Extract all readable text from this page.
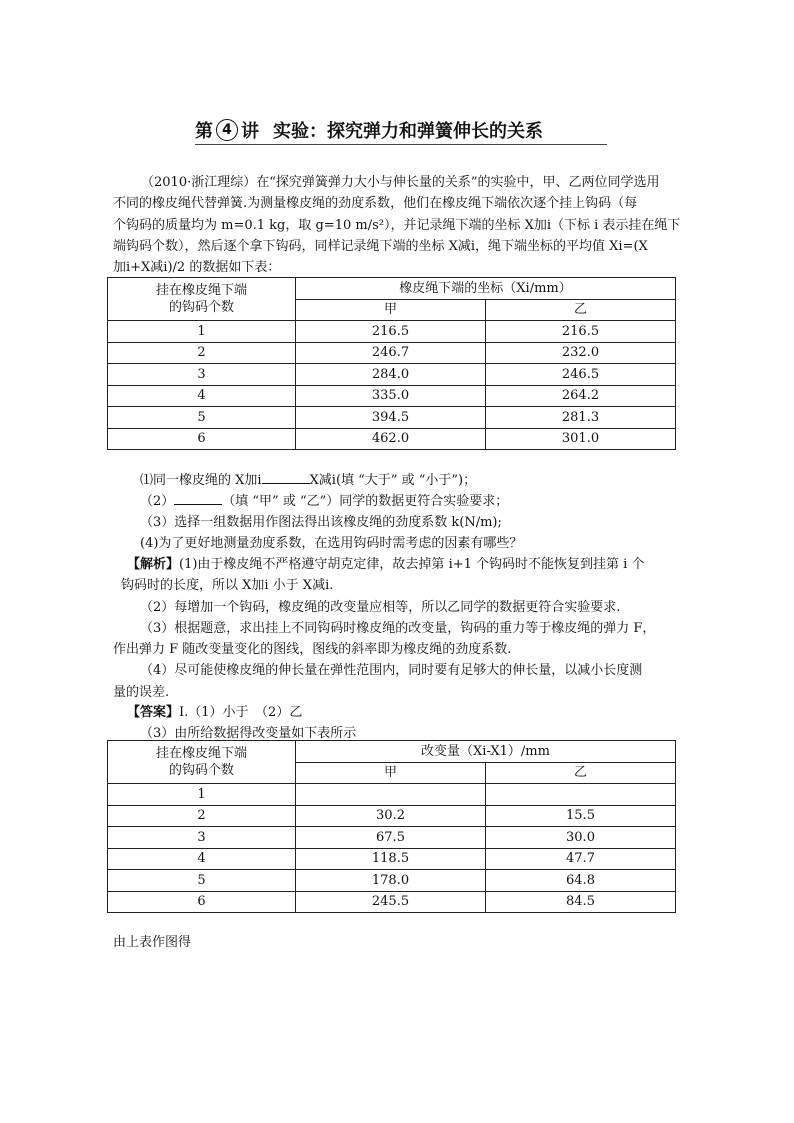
第 4 讲 实验：探究弹力和弹簧伸长的关系
（2010·浙江理综）在“探究弹簧弹力大小与伸长量的关系”的实验中，甲、乙两位同学选用
不同的橡皮绳代替弹簧.为测量橡皮绳的劲度系数，他们在橡皮绳下端依次逐个挂上钩码（每
个钩码的质量均为 m=0.1 kg，取 g=10 m/s²），并记录绳下端的坐标 X加i（下标 i 表示挂在绳下
端钩码个数），然后逐个拿下钩码，同样记录绳下端的坐标 X减i，绳下端坐标的平均值 Xi=(X
加i+X减i)/2 的数据如下表：
挂在橡皮绳下端
的钩码个数	橡皮绳下端的坐标（Xi/mm）	
	甲	乙
1	216.5	216.5
2	246.7	232.0
3	284.0	246.5
4	335.0	264.2
5	394.5	281.3
6	462.0	301.0
⑴同一橡皮绳的 X加i	X减i(填 “大于” 或 “小于”)；
（2）	（填 “甲” 或 “乙”）同学的数据更符合实验要求；
（3）选择一组数据用作图法得出该橡皮绳的劲度系数 k(N/m);
(4)为了更好地测量劲度系数，在选用钩码时需考虑的因素有哪些？
【解析】(1)由于橡皮绳不严格遵守胡克定律，故去掉第 i+1 个钩码时不能恢复到挂第 i 个
钩码时的长度，所以 X加i 小于 X减i.
（2）每增加一个钩码，橡皮绳的改变量应相等，所以乙同学的数据更符合实验要求.
（3）根据题意，求出挂上不同钩码时橡皮绳的改变量，钩码的重力等于橡皮绳的弹力 F，
作出弹力 F 随改变量变化的图线，图线的斜率即为橡皮绳的劲度系数.
（4）尽可能使橡皮绳的伸长量在弹性范围内，同时要有足够大的伸长量，以减小长度测
量的误差.
【答案】Ⅰ.（1）小于　（2）乙
（3）由所给数据得改变量如下表所示
挂在橡皮绳下端
的钩码个数	改变量（Xi-X1）/mm	
	甲	乙
1		
2	30.2	15.5
3	67.5	30.0
4	118.5	47.7
5	178.0	64.8
6	245.5	84.5
由上表作图得
